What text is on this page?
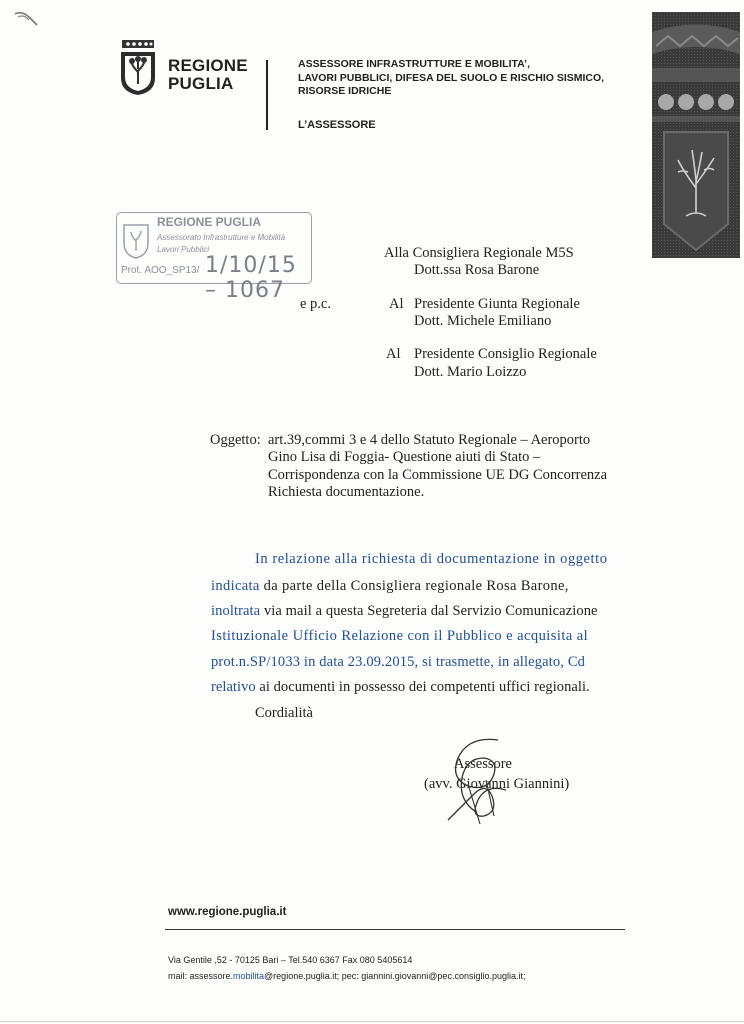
REGIONE
PUGLIA
ASSESSORE INFRASTRUTTURE E MOBILITA’,
LAVORI PUBBLICI, DIFESA DEL SUOLO E RISCHIO SISMICO,
RISORSE IDRICHE
L’ASSESSORE
REGIONE PUGLIA
Assessorato Infrastrutture e Mobilità
Lavori Pubblici
Prot. AOO_SP13/ 1/10/15 – 1067
Alla Consigliera Regionale M5S
Dott.ssa Rosa Barone
e p.c.	Al Presidente Giunta Regionale
Dott. Michele Emiliano
Al Presidente Consiglio Regionale
Dott. Mario Loizzo
Oggetto: art.39,commi 3 e 4 dello Statuto Regionale – Aeroporto
Gino Lisa di Foggia- Questione aiuti di Stato –
Corrispondenza con la Commissione UE DG Concorrenza
Richiesta documentazione.
In relazione alla richiesta di documentazione in oggetto
indicata da parte della Consigliera regionale Rosa Barone,
inoltrata via mail a questa Segreteria dal Servizio Comunicazione
Istituzionale Ufficio Relazione con il Pubblico e acquisita al
prot.n.SP/1033 in data 23.09.2015, si trasmette, in allegato, Cd
relativo ai documenti in possesso dei competenti uffici regionali.
Cordialità
Assessore
(avv. Giovanni Giannini)
www.regione.puglia.it
Via Gentile ,52 - 70125 Bari – Tel.540 6367 Fax 080 5405614
mail: assessore.mobilita@regione.puglia.it; pec: giannini.giovanni@pec.consiglio.puglia.it;
